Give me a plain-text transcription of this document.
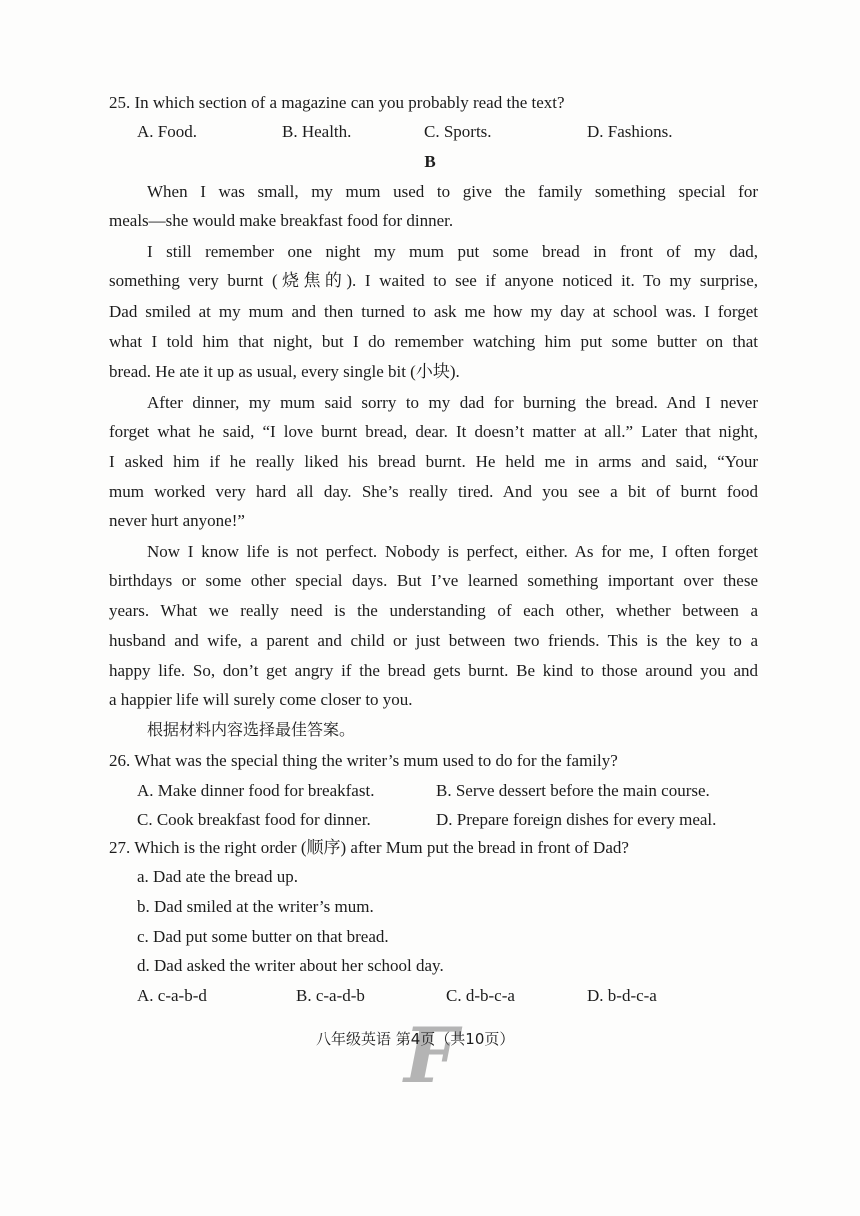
25. In which section of a magazine can you probably read the text?
A. Food.	B. Health.	C. Sports.	D. Fashions.
B
When I was small, my mum used to give the family something special for
meals—she would make breakfast food for dinner.
I still remember one night my mum put some bread in front of my dad,
something very burnt (烧焦的). I waited to see if anyone noticed it. To my surprise,
Dad smiled at my mum and then turned to ask me how my day at school was. I forget
what I told him that night, but I do remember watching him put some butter on that
bread. He ate it up as usual, every single bit (小块).
After dinner, my mum said sorry to my dad for burning the bread. And I never
forget what he said, “I love burnt bread, dear. It doesn’t matter at all.” Later that night,
I asked him if he really liked his bread burnt. He held me in arms and said, “Your
mum worked very hard all day. She’s really tired. And you see a bit of burnt food
never hurt anyone!”
Now I know life is not perfect. Nobody is perfect, either. As for me, I often forget
birthdays or some other special days. But I’ve learned something important over these
years. What we really need is the understanding of each other, whether between a
husband and wife, a parent and child or just between two friends. This is the key to a
happy life. So, don’t get angry if the bread gets burnt. Be kind to those around you and
a happier life will surely come closer to you.
根据材料内容选择最佳答案。
26. What was the special thing the writer’s mum used to do for the family?
A. Make dinner food for breakfast.	B. Serve dessert before the main course.
C. Cook breakfast food for dinner.	D. Prepare foreign dishes for every meal.
27. Which is the right order (顺序) after Mum put the bread in front of Dad?
a. Dad ate the bread up.
b. Dad smiled at the writer’s mum.
c. Dad put some butter on that bread.
d. Dad asked the writer about her school day.
A. c-a-b-d	B. c-a-d-b	C. d-b-c-a	D. b-d-c-a
F
八年级英语 第4页（共10页）
